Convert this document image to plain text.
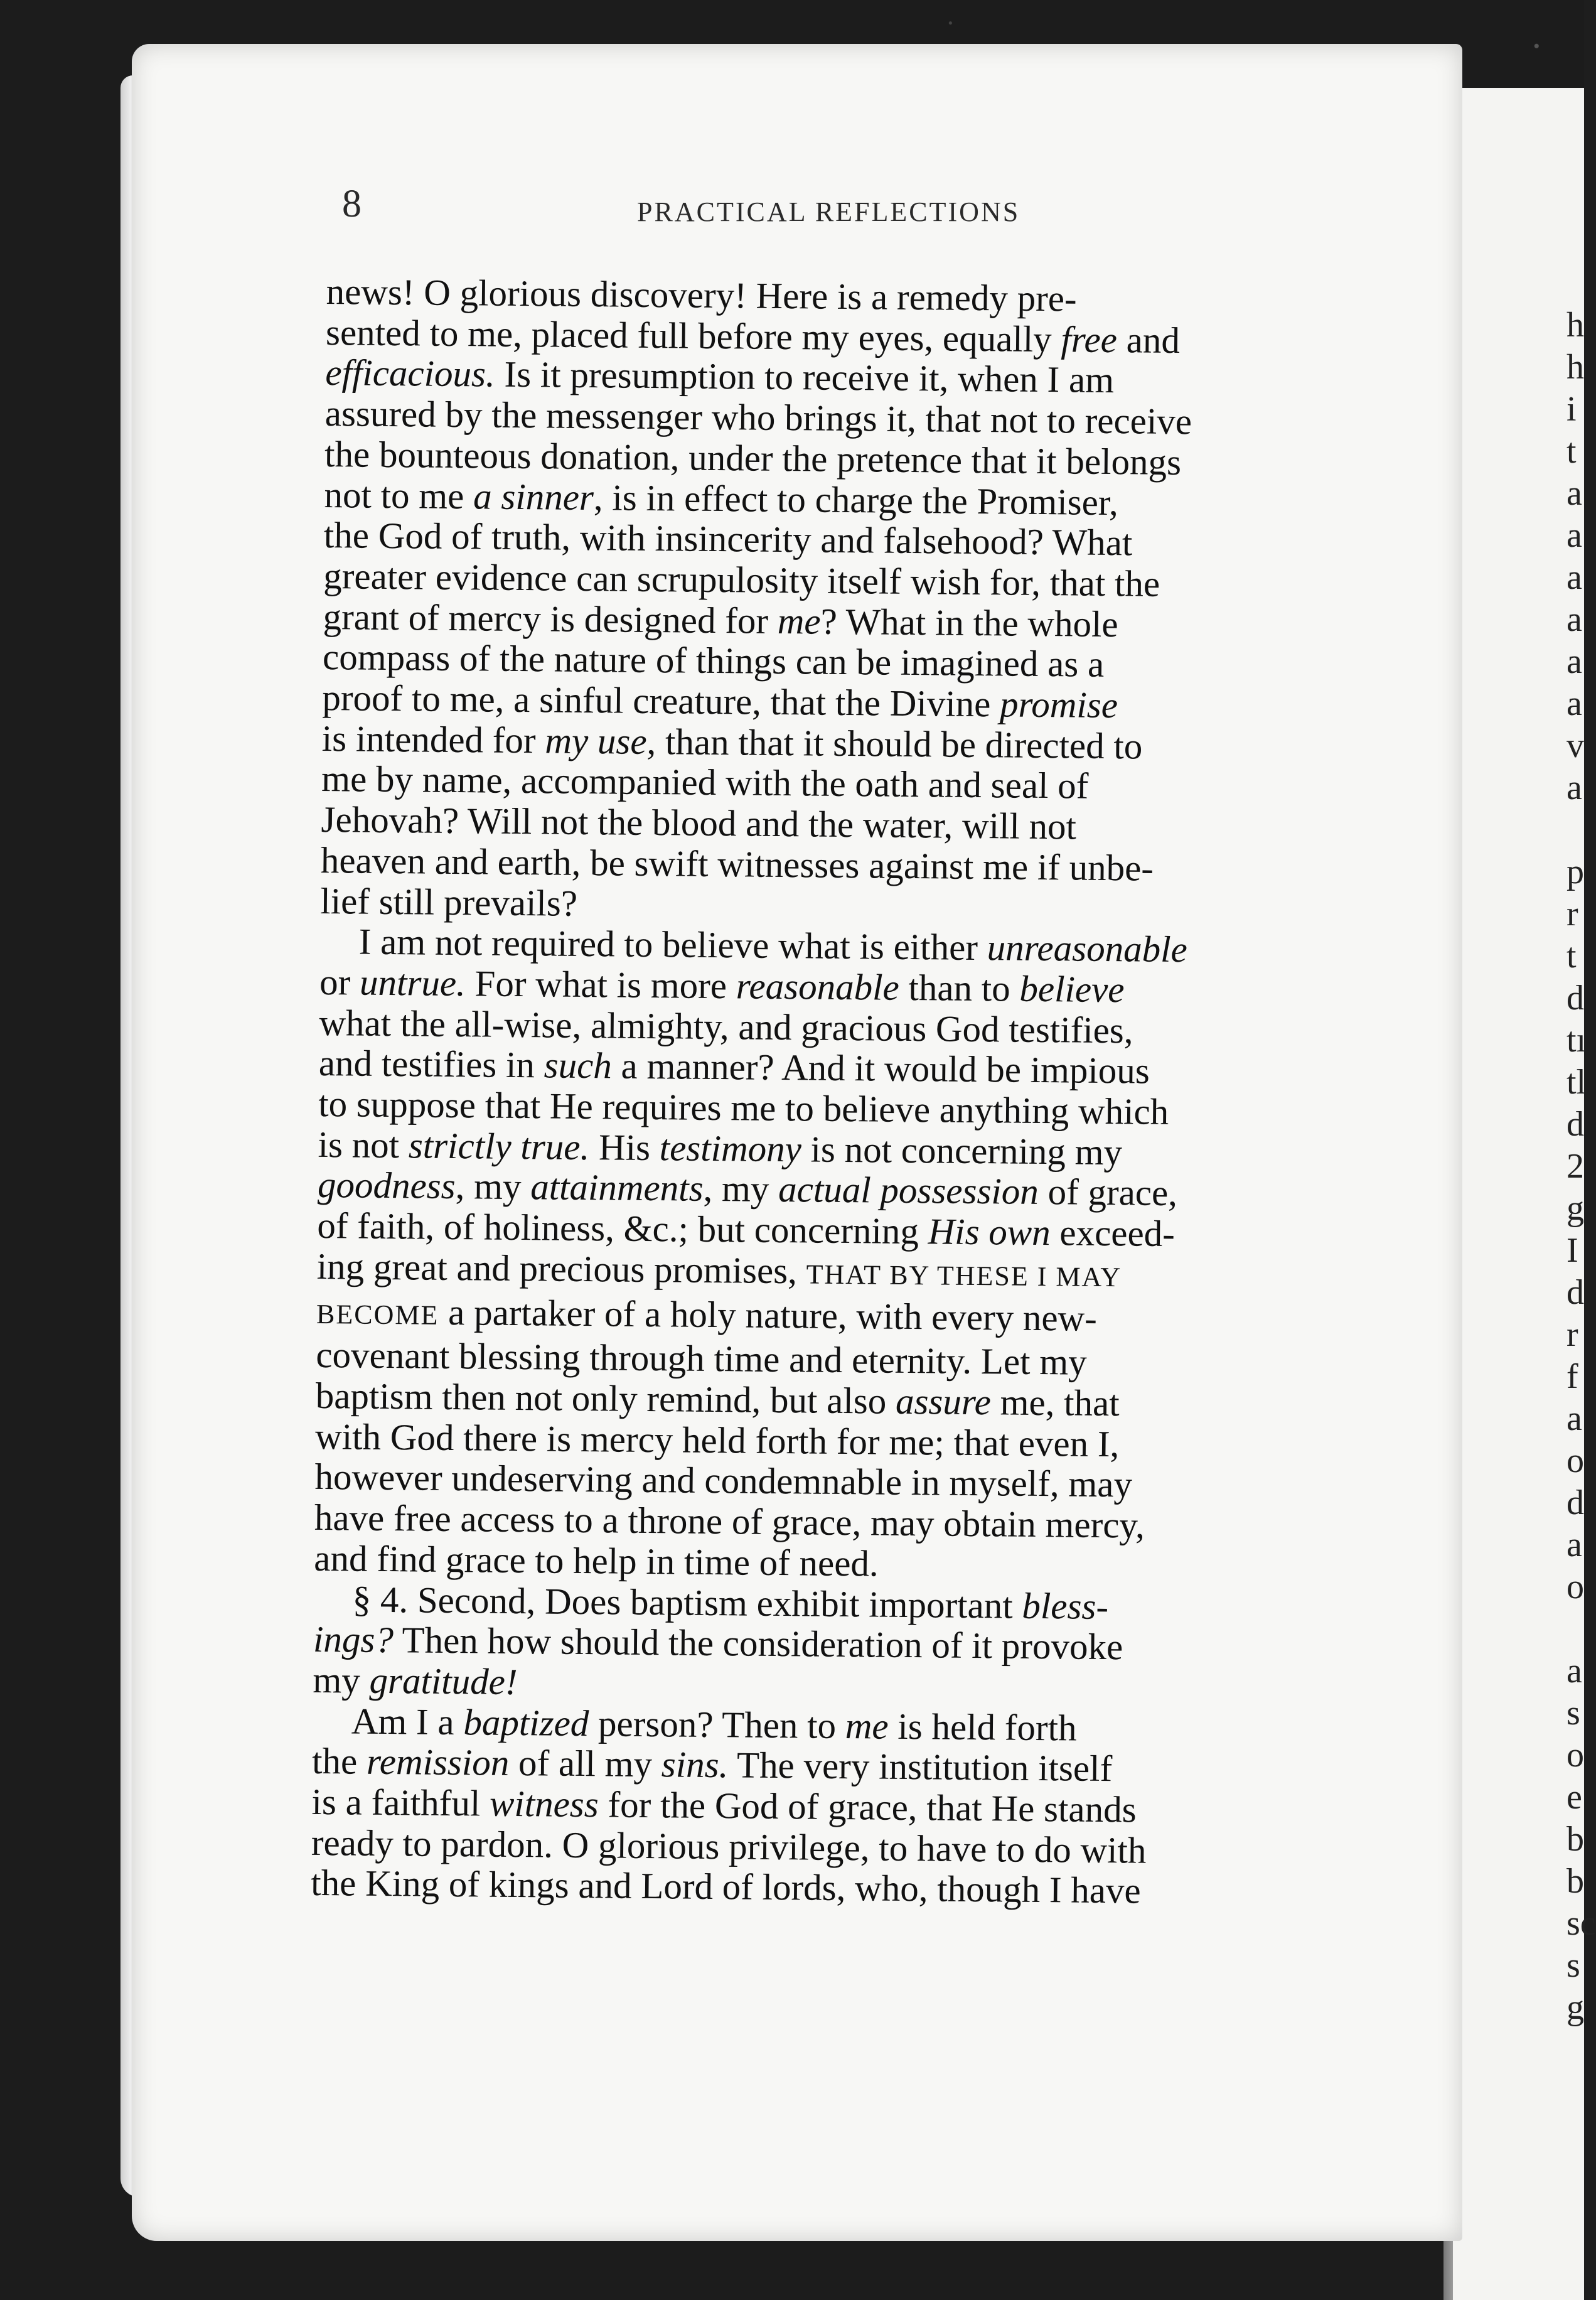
h
h
i
t
a
a
a
a
a
a
v
a

p
r
t
d
tı
tl
d
2
g
I
d
r
f
a
o
d
a
o

a
s
o
e
b
b
sc
s
g
8	PRACTICAL REFLECTIONS

news! O glorious discovery! Here is a remedy pre-
sented to me, placed full before my eyes, equally free and
efficacious. Is it presumption to receive it, when I am
assured by the messenger who brings it, that not to receive
the bounteous donation, under the pretence that it belongs
not to me a sinner, is in effect to charge the Promiser,
the God of truth, with insincerity and falsehood? What
greater evidence can scrupulosity itself wish for, that the
grant of mercy is designed for me? What in the whole
compass of the nature of things can be imagined as a
proof to me, a sinful creature, that the Divine promise
is intended for my use, than that it should be directed to
me by name, accompanied with the oath and seal of
Jehovah? Will not the blood and the water, will not
heaven and earth, be swift witnesses against me if unbe-
lief still prevails?

I am not required to believe what is either unreasonable
or untrue. For what is more reasonable than to believe
what the all-wise, almighty, and gracious God testifies,
and testifies in such a manner? And it would be impious
to suppose that He requires me to believe anything which
is not strictly true. His testimony is not concerning my
goodness, my attainments, my actual possession of grace,
of faith, of holiness, &c.; but concerning His own exceed-
ing great and precious promises, THAT BY THESE I MAY
BECOME a partaker of a holy nature, with every new-
covenant blessing through time and eternity. Let my
baptism then not only remind, but also assure me, that
with God there is mercy held forth for me; that even I,
however undeserving and condemnable in myself, may
have free access to a throne of grace, may obtain mercy,
and find grace to help in time of need.

§ 4. Second, Does baptism exhibit important bless-
ings? Then how should the consideration of it provoke
my gratitude!

Am I a baptized person? Then to me is held forth
the remission of all my sins. The very institution itself
is a faithful witness for the God of grace, that He stands
ready to pardon. O glorious privilege, to have to do with
the King of kings and Lord of lords, who, though I have
